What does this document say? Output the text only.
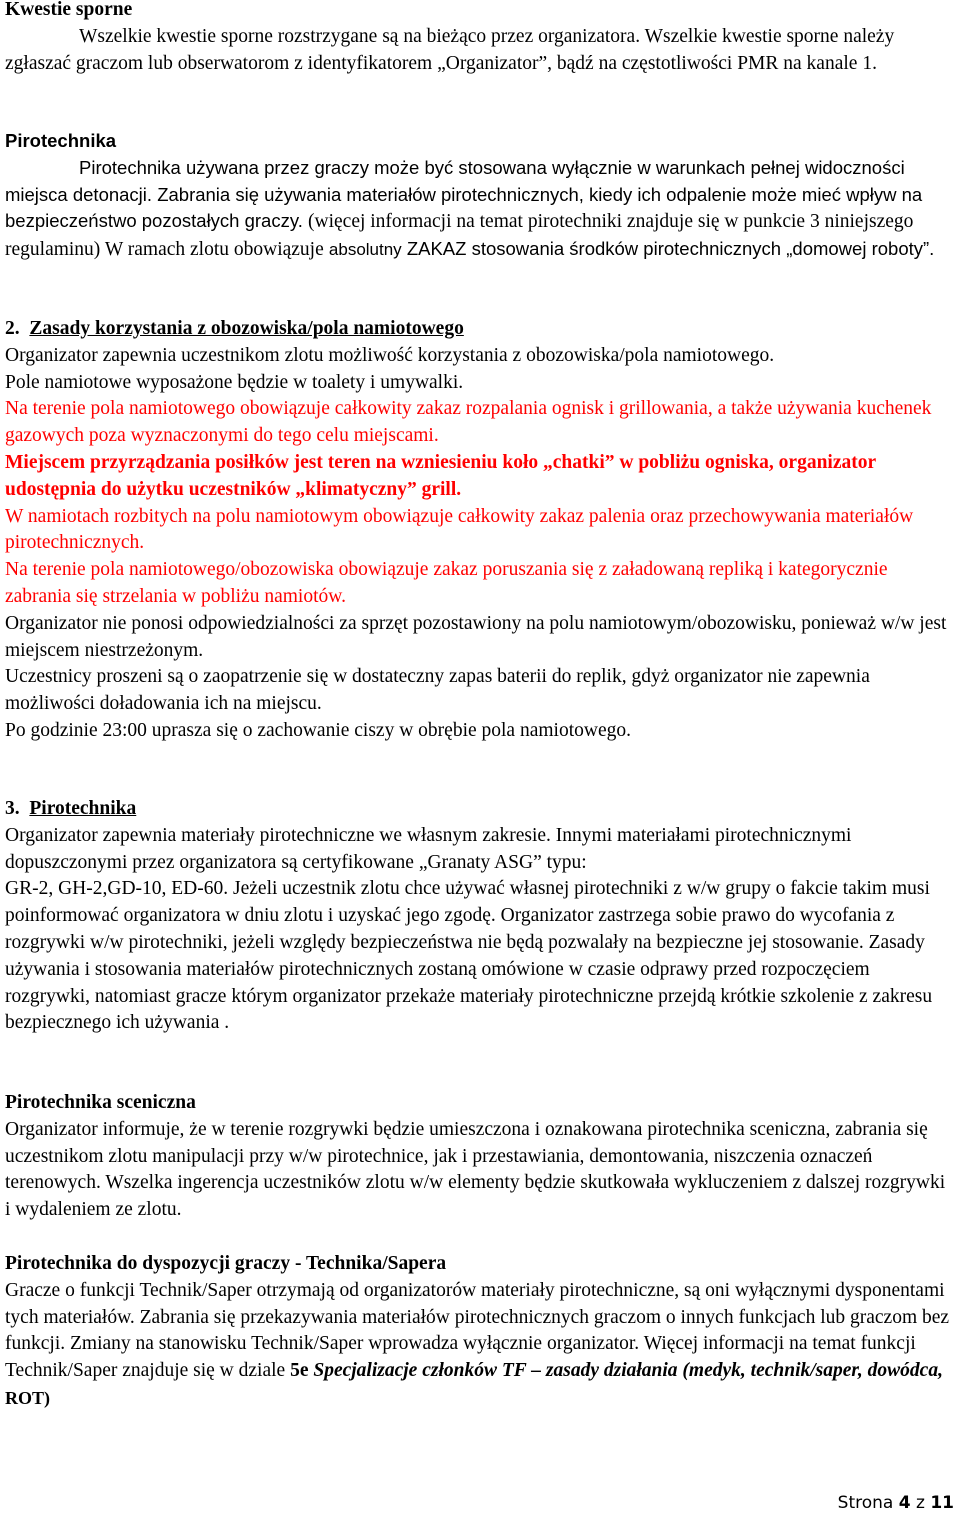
Kwestie sporne

Wszelkie kwestie sporne rozstrzygane są na bieżąco przez organizatora. Wszelkie kwestie sporne należy zgłaszać graczom lub obserwatorom z identyfikatorem „Organizator”, bądź na częstotliwości PMR na kanale 1.

Pirotechnika

Pirotechnika używana przez graczy może być stosowana wyłącznie w warunkach pełnej widoczności miejsca detonacji. Zabrania się używania materiałów pirotechnicznych, kiedy ich odpalenie może mieć wpływ na bezpieczeństwo pozostałych graczy. (więcej informacji na temat pirotechniki znajduje się w punkcie 3 niniejszego regulaminu) W ramach zlotu obowiązuje absolutny ZAKAZ stosowania środków pirotechnicznych „domowej roboty”.

2. Zasady korzystania z obozowiska/pola namiotowego

Organizator zapewnia uczestnikom zlotu możliwość korzystania z obozowiska/pola namiotowego.

Pole namiotowe wyposażone będzie w toalety i umywalki.

Na terenie pola namiotowego obowiązuje całkowity zakaz rozpalania ognisk i grillowania, a także używania kuchenek gazowych poza wyznaczonymi do tego celu miejscami.

Miejscem przyrządzania posiłków jest teren na wzniesieniu koło „chatki” w pobliżu ogniska, organizator udostępnia do użytku uczestników „klimatyczny” grill.

W namiotach rozbitych na polu namiotowym obowiązuje całkowity zakaz palenia oraz przechowywania materiałów pirotechnicznych.

Na terenie pola namiotowego/obozowiska obowiązuje zakaz poruszania się z załadowaną repliką i kategorycznie zabrania się strzelania w pobliżu namiotów.

Organizator nie ponosi odpowiedzialności za sprzęt pozostawiony na polu namiotowym/obozowisku, ponieważ w/w jest miejscem niestrzeżonym.

Uczestnicy proszeni są o zaopatrzenie się w dostateczny zapas baterii do replik, gdyż organizator nie zapewnia możliwości doładowania ich na miejscu.

Po godzinie 23:00 uprasza się o zachowanie ciszy w obrębie pola namiotowego.

3. Pirotechnika

Organizator zapewnia materiały pirotechniczne we własnym zakresie. Innymi materiałami pirotechnicznymi dopuszczonymi przez organizatora są certyfikowane „Granaty ASG” typu:

GR-2, GH-2,GD-10, ED-60. Jeżeli uczestnik zlotu chce używać własnej pirotechniki z w/w grupy o fakcie takim musi poinformować organizatora w dniu zlotu i uzyskać jego zgodę. Organizator zastrzega sobie prawo do wycofania z rozgrywki w/w pirotechniki, jeżeli względy bezpieczeństwa nie będą pozwalały na bezpieczne jej stosowanie. Zasady używania i stosowania materiałów pirotechnicznych zostaną omówione w czasie odprawy przed rozpoczęciem rozgrywki, natomiast gracze którym organizator przekaże materiały pirotechniczne przejdą krótkie szkolenie z zakresu bezpiecznego ich używania .

Pirotechnika sceniczna

Organizator informuje, że w terenie rozgrywki będzie umieszczona i oznakowana pirotechnika sceniczna, zabrania się uczestnikom zlotu manipulacji przy w/w pirotechnice, jak i przestawiania, demontowania, niszczenia oznaczeń terenowych. Wszelka ingerencja uczestników zlotu w/w elementy będzie skutkowała wykluczeniem z dalszej rozgrywki i wydaleniem ze zlotu.

Pirotechnika do dyspozycji graczy - Technika/Sapera

Gracze o funkcji Technik/Saper otrzymają od organizatorów materiały pirotechniczne, są oni wyłącznymi dysponentami tych materiałów. Zabrania się przekazywania materiałów pirotechnicznych graczom o innych funkcjach lub graczom bez funkcji. Zmiany na stanowisku Technik/Saper wprowadza wyłącznie organizator. Więcej informacji na temat funkcji Technik/Saper znajduje się w dziale 5e Specjalizacje członków TF – zasady działania (medyk, technik/saper, dowódca, ROT)

Strona 4 z 11
